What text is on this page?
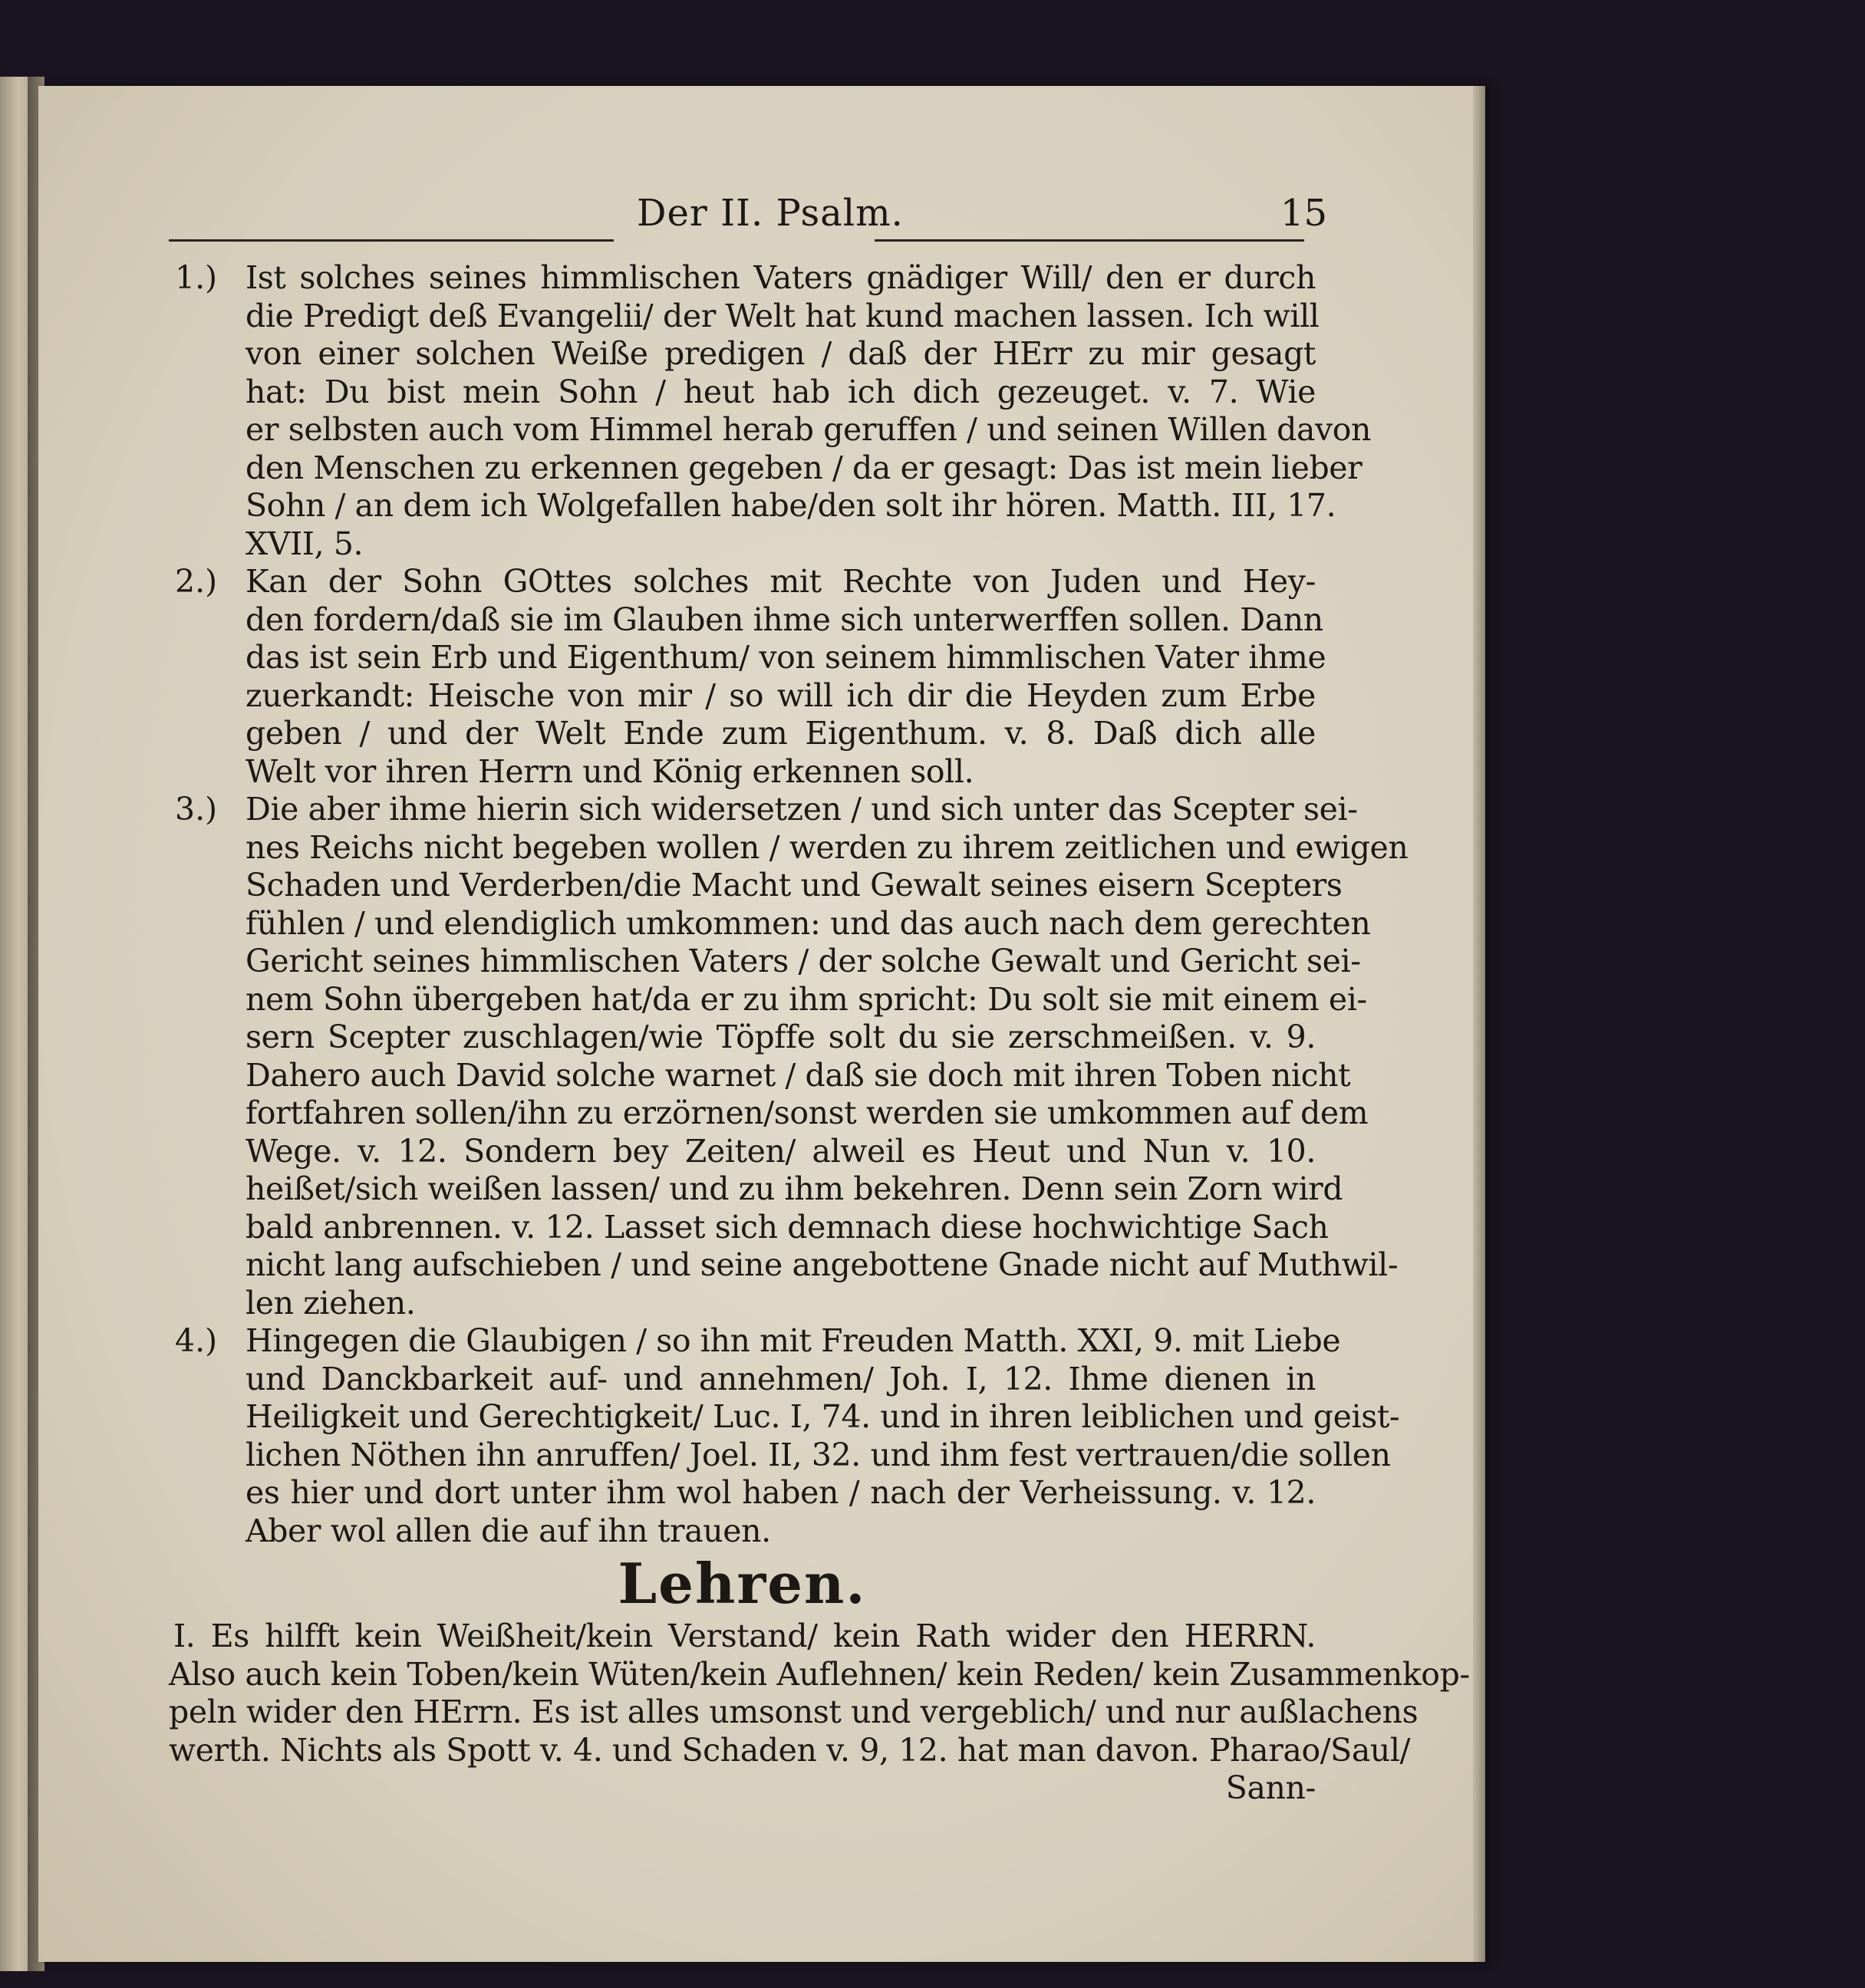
Der II. Psalm.	15
1.) Ist solches seines himmlischen Vaters gnädiger Will/ den er durch
die Predigt deß Evangelii/ der Welt hat kund machen lassen. Ich will
von einer solchen Weiße predigen / daß der HErr zu mir gesagt
hat: Du bist mein Sohn / heut hab ich dich gezeuget. v. 7. Wie
er selbsten auch vom Himmel herab geruffen / und seinen Willen davon
den Menschen zu erkennen gegeben / da er gesagt: Das ist mein lieber
Sohn / an dem ich Wolgefallen habe/den solt ihr hören. Matth. III, 17.
XVII, 5.
2.) Kan der Sohn GOttes solches mit Rechte von Juden und Hey-
den fordern/daß sie im Glauben ihme sich unterwerffen sollen. Dann
das ist sein Erb und Eigenthum/ von seinem himmlischen Vater ihme
zuerkandt: Heische von mir / so will ich dir die Heyden zum Erbe
geben / und der Welt Ende zum Eigenthum. v. 8. Daß dich alle
Welt vor ihren Herrn und König erkennen soll.
3.) Die aber ihme hierin sich widersetzen / und sich unter das Scepter sei-
nes Reichs nicht begeben wollen / werden zu ihrem zeitlichen und ewigen
Schaden und Verderben/die Macht und Gewalt seines eisern Scepters
fühlen / und elendiglich umkommen: und das auch nach dem gerechten
Gericht seines himmlischen Vaters / der solche Gewalt und Gericht sei-
nem Sohn übergeben hat/da er zu ihm spricht: Du solt sie mit einem ei-
sern Scepter zuschlagen/wie Töpffe solt du sie zerschmeißen. v. 9.
Dahero auch David solche warnet / daß sie doch mit ihren Toben nicht
fortfahren sollen/ihn zu erzörnen/sonst werden sie umkommen auf dem
Wege. v. 12. Sondern bey Zeiten/ alweil es Heut und Nun v. 10.
heißet/sich weißen lassen/ und zu ihm bekehren. Denn sein Zorn wird
bald anbrennen. v. 12. Lasset sich demnach diese hochwichtige Sach
nicht lang aufschieben / und seine angebottene Gnade nicht auf Muthwil-
len ziehen.
4.) Hingegen die Glaubigen / so ihn mit Freuden Matth. XXI, 9. mit Liebe
und Danckbarkeit auf- und annehmen/ Joh. I, 12. Ihme dienen in
Heiligkeit und Gerechtigkeit/ Luc. I, 74. und in ihren leiblichen und geist-
lichen Nöthen ihn anruffen/ Joel. II, 32. und ihm fest vertrauen/die sollen
es hier und dort unter ihm wol haben / nach der Verheissung. v. 12.
Aber wol allen die auf ihn trauen.
Lehren.
I. Es hilfft kein Weißheit/kein Verstand/ kein Rath wider den HERRN.
Also auch kein Toben/kein Wüten/kein Auflehnen/ kein Reden/ kein Zusammenkop-
peln wider den HErrn. Es ist alles umsonst und vergeblich/ und nur außlachens
werth. Nichts als Spott v. 4. und Schaden v. 9, 12. hat man davon. Pharao/Saul/
Sann-
